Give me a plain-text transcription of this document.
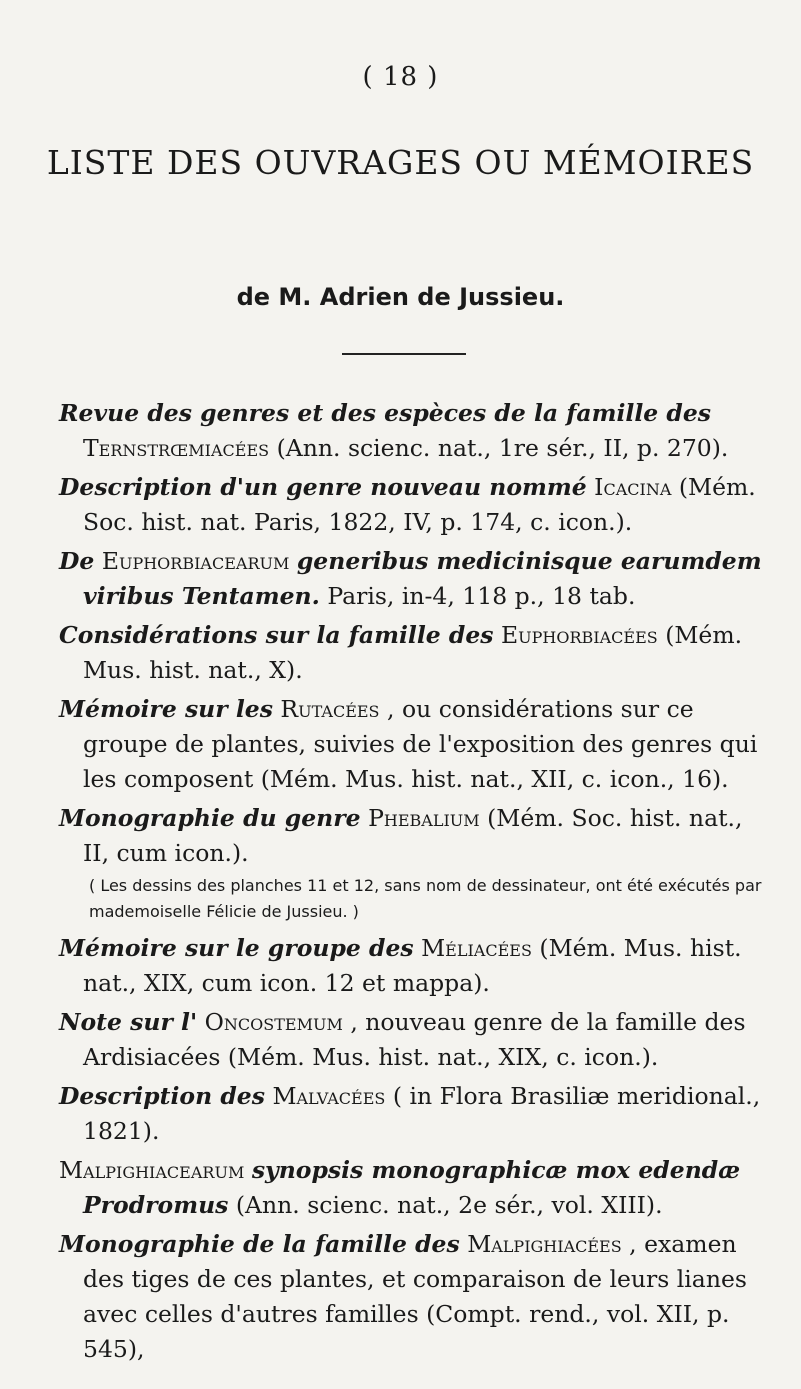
( 18 )
LISTE DES OUVRAGES OU MÉMOIRES
de M. Adrien de Jussieu.
Revue des genres et des espèces de la famille des Ternstrœmiacées (Ann. scienc. nat., 1re sér., II, p. 270).
Description d'un genre nouveau nommé Icacina (Mém. Soc. hist. nat. Paris, 1822, IV, p. 174, c. icon.).
De Euphorbiacearum generibus medicinisque earumdem viribus Tentamen. Paris, in-4, 118 p., 18 tab.
Considérations sur la famille des Euphorbiacées (Mém. Mus. hist. nat., X).
Mémoire sur les Rutacées , ou considérations sur ce groupe de plantes, suivies de l'exposition des genres qui les composent (Mém. Mus. hist. nat., XII, c. icon., 16).
Monographie du genre Phebalium (Mém. Soc. hist. nat., II, cum icon.).
( Les dessins des planches 11 et 12, sans nom de dessinateur, ont été exécutés par mademoiselle Félicie de Jussieu. )
Mémoire sur le groupe des Méliacées (Mém. Mus. hist. nat., XIX, cum icon. 12 et mappa).
Note sur l' Oncostemum , nouveau genre de la famille des Ardisiacées (Mém. Mus. hist. nat., XIX, c. icon.).
Description des Malvacées ( in Flora Brasiliæ meridional., 1821).
Malpighiacearum synopsis monographicæ mox edendæ Prodromus (Ann. scienc. nat., 2e sér., vol. XIII).
Monographie de la famille des Malpighiacées , examen des tiges de ces plantes, et comparaison de leurs lianes avec celles d'autres familles (Compt. rend., vol. XII, p. 545),
